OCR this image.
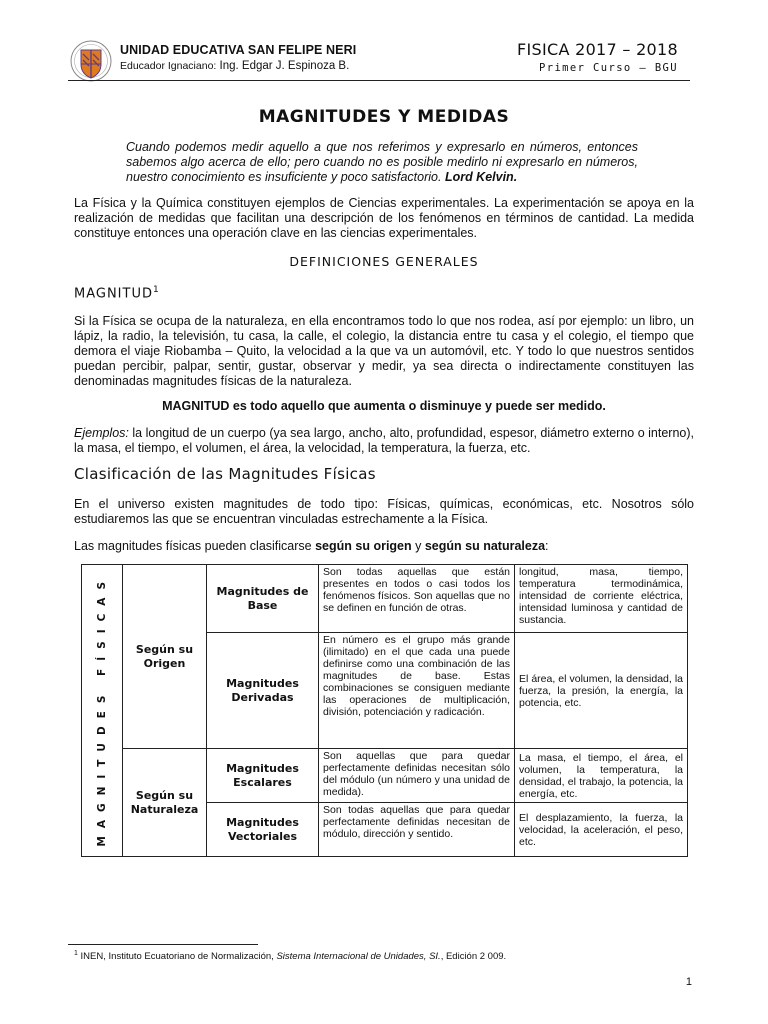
UNIDAD EDUCATIVA SAN FELIPE NERI
Educador Ignaciano: Ing. Edgar J. Espinoza B.
FISICA 2017 – 2018
Primer Curso – BGU
MAGNITUDES Y MEDIDAS
Cuando podemos medir aquello a que nos referimos y expresarlo en números, entonces sabemos algo acerca de ello; pero cuando no es posible medirlo ni expresarlo en números, nuestro conocimiento es insuficiente y poco satisfactorio. Lord Kelvin.
La Física y la Química constituyen ejemplos de Ciencias experimentales. La experimentación se apoya en la realización de medidas que facilitan una descripción de los fenómenos en términos de cantidad. La medida constituye entonces una operación clave en las ciencias experimentales.
DEFINICIONES GENERALES
MAGNITUD$^1$
Si la Física se ocupa de la naturaleza, en ella encontramos todo lo que nos rodea, así por ejemplo: un libro, un lápiz, la radio, la televisión, tu casa, la calle, el colegio, la distancia entre tu casa y el colegio, el tiempo que demora el viaje Riobamba – Quito, la velocidad a la que va un automóvil, etc. Y todo lo que nuestros sentidos puedan percibir, palpar, sentir, gustar, observar y medir, ya sea directa o indirectamente constituyen las denominadas magnitudes físicas de la naturaleza.
MAGNITUD es todo aquello que aumenta o disminuye y puede ser medido.
Ejemplos: la longitud de un cuerpo (ya sea largo, ancho, alto, profundidad, espesor, diámetro externo o interno), la masa, el tiempo, el volumen, el área, la velocidad, la temperatura, la fuerza, etc.
Clasificación de las Magnitudes Físicas
En el universo existen magnitudes de todo tipo: Físicas, químicas, económicas, etc. Nosotros sólo estudiaremos las que se encuentran vinculadas estrechamente a la Física.
Las magnitudes físicas pueden clasificarse según su origen y según su naturaleza:
MAGNITUDES FÍSICAS	Según su Origen	Magnitudes de Base	Son todas aquellas que están presentes en todos o casi todos los fenómenos físicos. Son aquellas que no se definen en función de otras.	longitud, masa, tiempo, temperatura termodinámica, intensidad de corriente eléctrica, intensidad luminosa y cantidad de sustancia.
		Magnitudes Derivadas	En número es el grupo más grande (ilimitado) en el que cada una puede definirse como una combinación de las magnitudes de base. Estas combinaciones se consiguen mediante las operaciones de multiplicación, división, potenciación y radicación.	El área, el volumen, la densidad, la fuerza, la presión, la energía, la potencia, etc.
	Según su Naturaleza	Magnitudes Escalares	Son aquellas que para quedar perfectamente definidas necesitan sólo del módulo (un número y una unidad de medida).	La masa, el tiempo, el área, el volumen, la temperatura, la densidad, el trabajo, la potencia, la energía, etc.
		Magnitudes Vectoriales	Son todas aquellas que para quedar perfectamente definidas necesitan de módulo, dirección y sentido.	El desplazamiento, la fuerza, la velocidad, la aceleración, el peso, etc.
$^1$ INEN, Instituto Ecuatoriano de Normalización, Sistema Internacional de Unidades, SI., Edición 2 009.
1
